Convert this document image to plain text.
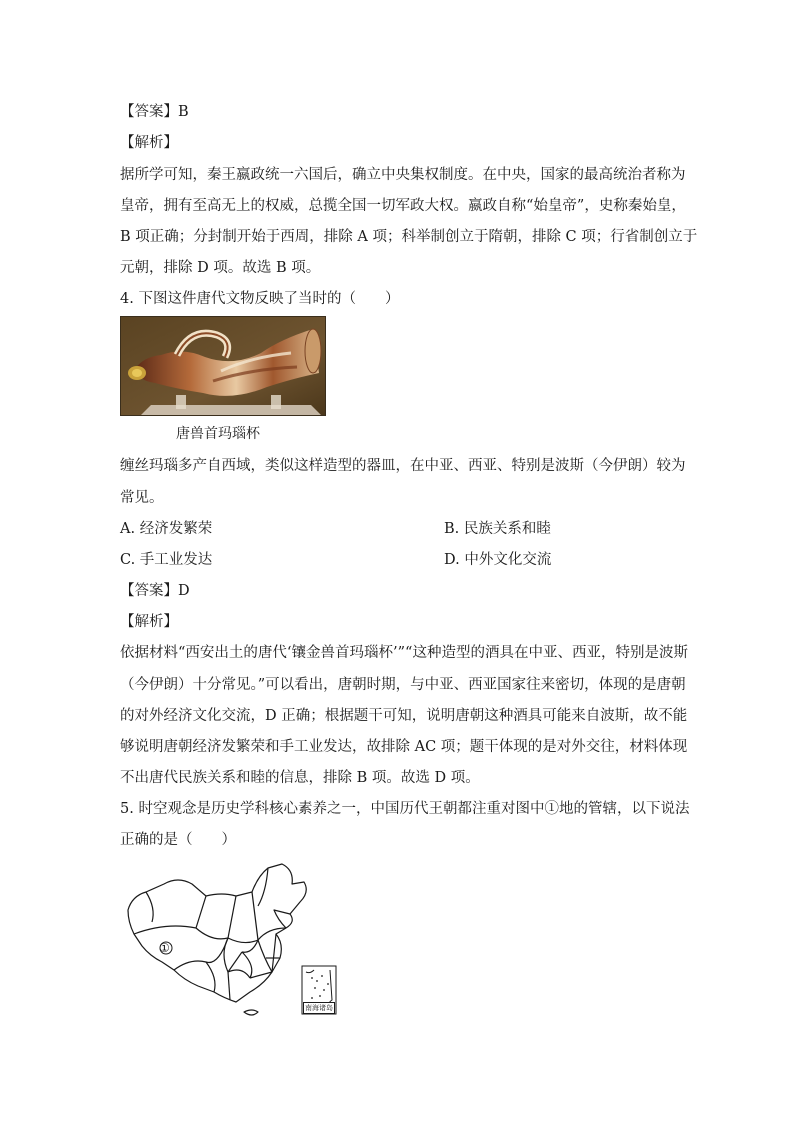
【答案】B
【解析】
据所学可知，秦王嬴政统一六国后，确立中央集权制度。在中央，国家的最高统治者称为
皇帝，拥有至高无上的权威，总揽全国一切军政大权。嬴政自称“始皇帝”，史称秦始皇，
B 项正确；分封制开始于西周，排除 A 项；科举制创立于隋朝，排除 C 项；行省制创立于
元朝，排除 D 项。故选 B 项。
4. 下图这件唐代文物反映了当时的（　　）
唐兽首玛瑙杯
缠丝玛瑙多产自西域，类似这样造型的器皿，在中亚、西亚、特别是波斯（今伊朗）较为
常见。
A. 经济发繁荣	B. 民族关系和睦
C. 手工业发达	D. 中外文化交流
【答案】D
【解析】
依据材料“西安出土的唐代‘镶金兽首玛瑙杯’”“这种造型的酒具在中亚、西亚，特别是波斯
（今伊朗）十分常见。”可以看出，唐朝时期，与中亚、西亚国家往来密切，体现的是唐朝
的对外经济文化交流，D 正确；根据题干可知，说明唐朝这种酒具可能来自波斯，故不能
够说明唐朝经济发繁荣和手工业发达，故排除 AC 项；题干体现的是对外交往，材料体现
不出唐代民族关系和睦的信息，排除 B 项。故选 D 项。
5. 时空观念是历史学科核心素养之一，中国历代王朝都注重对图中①地的管辖，以下说法
正确的是（　　）
①
南海诸岛
